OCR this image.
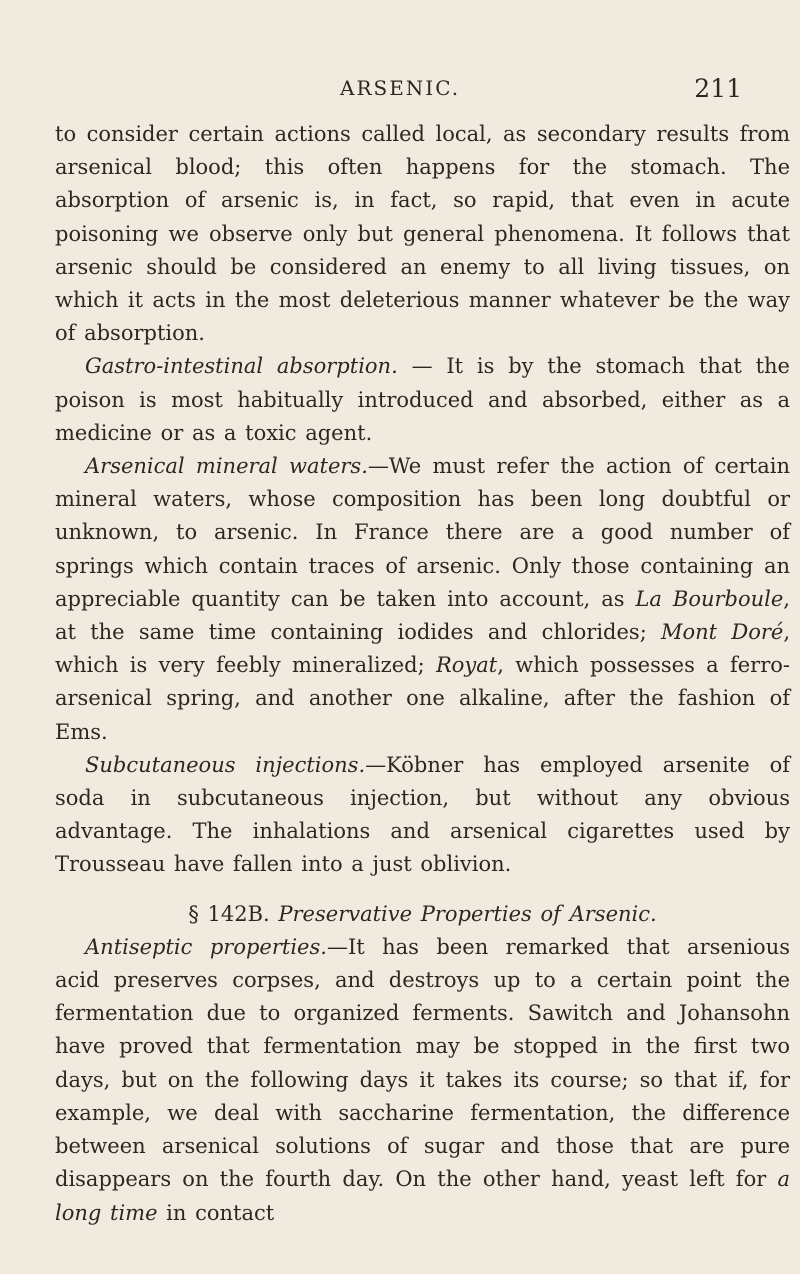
ARSENIC.	211

to consider certain actions called local, as secondary results from arsenical blood; this often happens for the stomach. The absorption of arsenic is, in fact, so rapid, that even in acute poisoning we observe only but general phenomena. It follows that arsenic should be considered an enemy to all living tissues, on which it acts in the most deleterious manner whatever be the way of absorption.

Gastro-intestinal absorption. — It is by the stomach that the poison is most habitually introduced and absorbed, either as a medicine or as a toxic agent.

Arsenical mineral waters.—We must refer the action of certain mineral waters, whose composition has been long doubtful or unknown, to arsenic. In France there are a good number of springs which contain traces of arsenic. Only those containing an appreciable quantity can be taken into account, as La Bourboule, at the same time containing iodides and chlorides; Mont Doré, which is very feebly mineralized; Royat, which possesses a ferro-arsenical spring, and another one alkaline, after the fashion of Ems.

Subcutaneous injections.—Köbner has employed arsenite of soda in subcutaneous injection, but without any obvious advantage. The inhalations and arsenical cigarettes used by Trousseau have fallen into a just oblivion.

§ 142B. Preservative Properties of Arsenic.

Antiseptic properties.—It has been remarked that arsenious acid preserves corpses, and destroys up to a certain point the fermentation due to organized ferments. Sawitch and Johansohn have proved that fermentation may be stopped in the first two days, but on the following days it takes its course; so that if, for example, we deal with saccharine fermentation, the difference between arsenical solutions of sugar and those that are pure disappears on the fourth day. On the other hand, yeast left for a long time in contact
